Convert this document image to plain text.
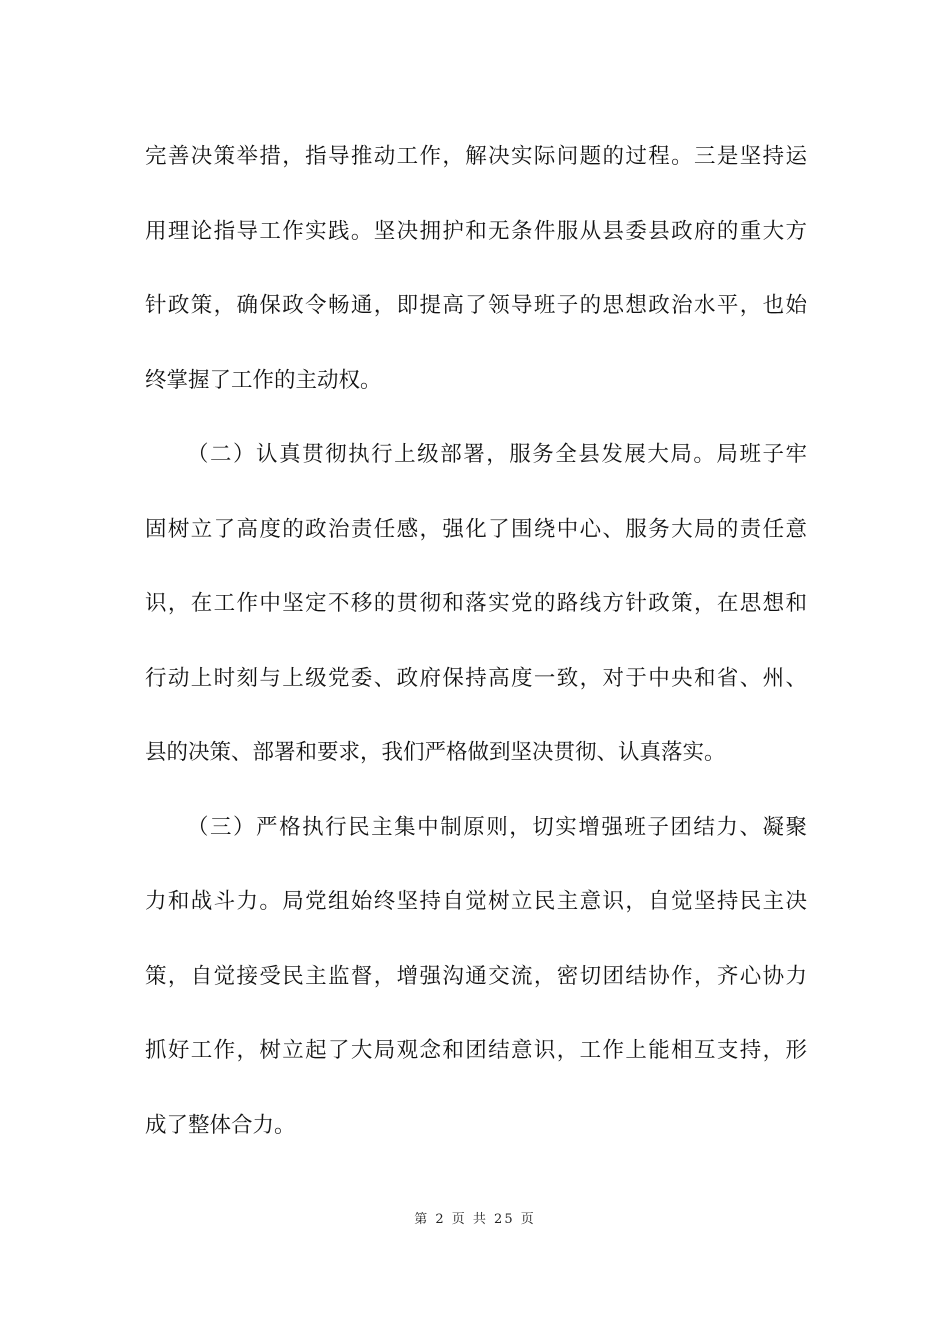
完善决策举措，指导推动工作，解决实际问题的过程。三是坚持运
用理论指导工作实践。坚决拥护和无条件服从县委县政府的重大方
针政策，确保政令畅通，即提高了领导班子的思想政治水平，也始
终掌握了工作的主动权。
（二）认真贯彻执行上级部署，服务全县发展大局。局班子牢
固树立了高度的政治责任感，强化了围绕中心、服务大局的责任意
识，在工作中坚定不移的贯彻和落实党的路线方针政策，在思想和
行动上时刻与上级党委、政府保持高度一致，对于中央和省、州、
县的决策、部署和要求，我们严格做到坚决贯彻、认真落实。
（三）严格执行民主集中制原则，切实增强班子团结力、凝聚
力和战斗力。局党组始终坚持自觉树立民主意识，自觉坚持民主决
策，自觉接受民主监督，增强沟通交流，密切团结协作，齐心协力
抓好工作，树立起了大局观念和团结意识，工作上能相互支持，形
成了整体合力。
第 2 页 共 25 页
